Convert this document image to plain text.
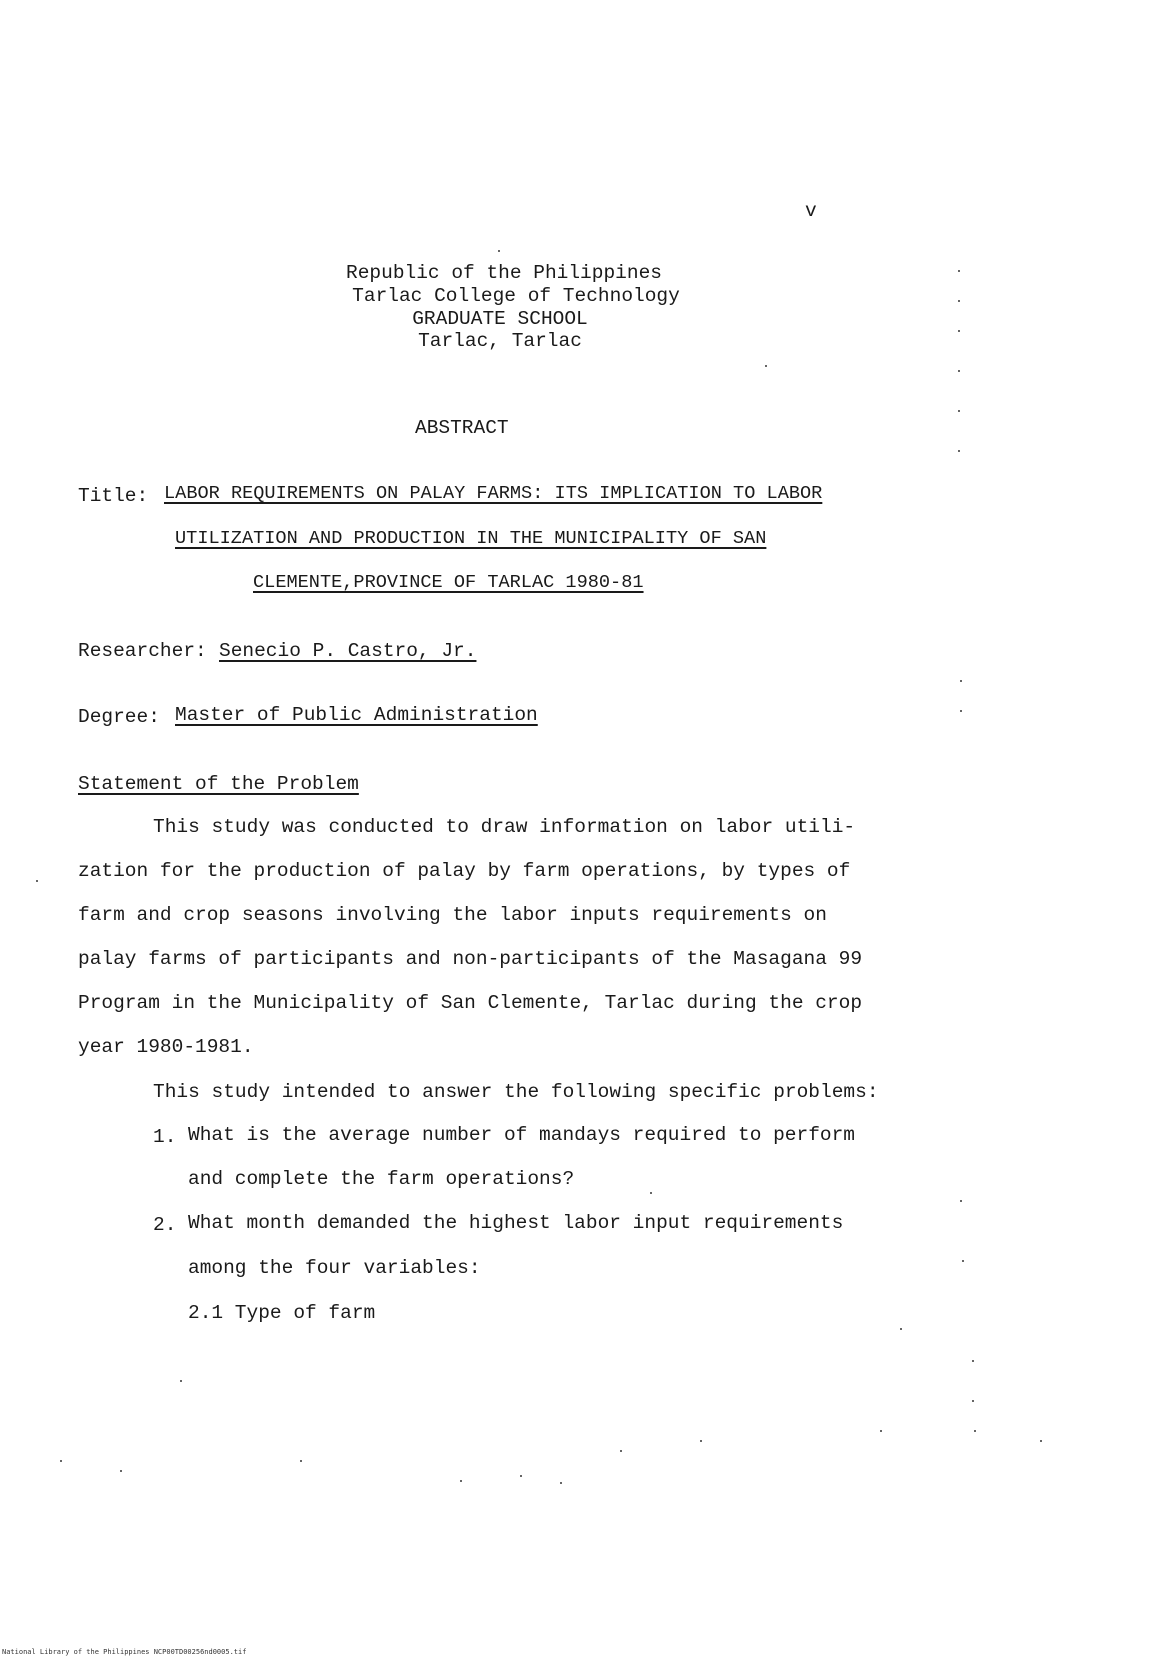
v
Republic of the Philippines
Tarlac College of Technology
GRADUATE SCHOOL
Tarlac, Tarlac
ABSTRACT
Title: LABOR REQUIREMENTS ON PALAY FARMS: ITS IMPLICATION TO LABOR
UTILIZATION AND PRODUCTION IN THE MUNICIPALITY OF SAN
CLEMENTE,PROVINCE OF TARLAC 1980-81
Researcher: Senecio P. Castro, Jr.
Degree: Master of Public Administration
Statement of the Problem
This study was conducted to draw information on labor utili-
zation for the production of palay by farm operations, by types of
farm and crop seasons involving the labor inputs requirements on
palay farms of participants and non-participants of the Masagana 99
Program in the Municipality of San Clemente, Tarlac during the crop
year 1980-1981.
This study intended to answer the following specific problems:
1. What is the average number of mandays required to perform
and complete the farm operations?
2. What month demanded the highest labor input requirements
among the four variables:
2.1 Type of farm
National Library of the Philippines NCP00TD00256nd0005.tif
